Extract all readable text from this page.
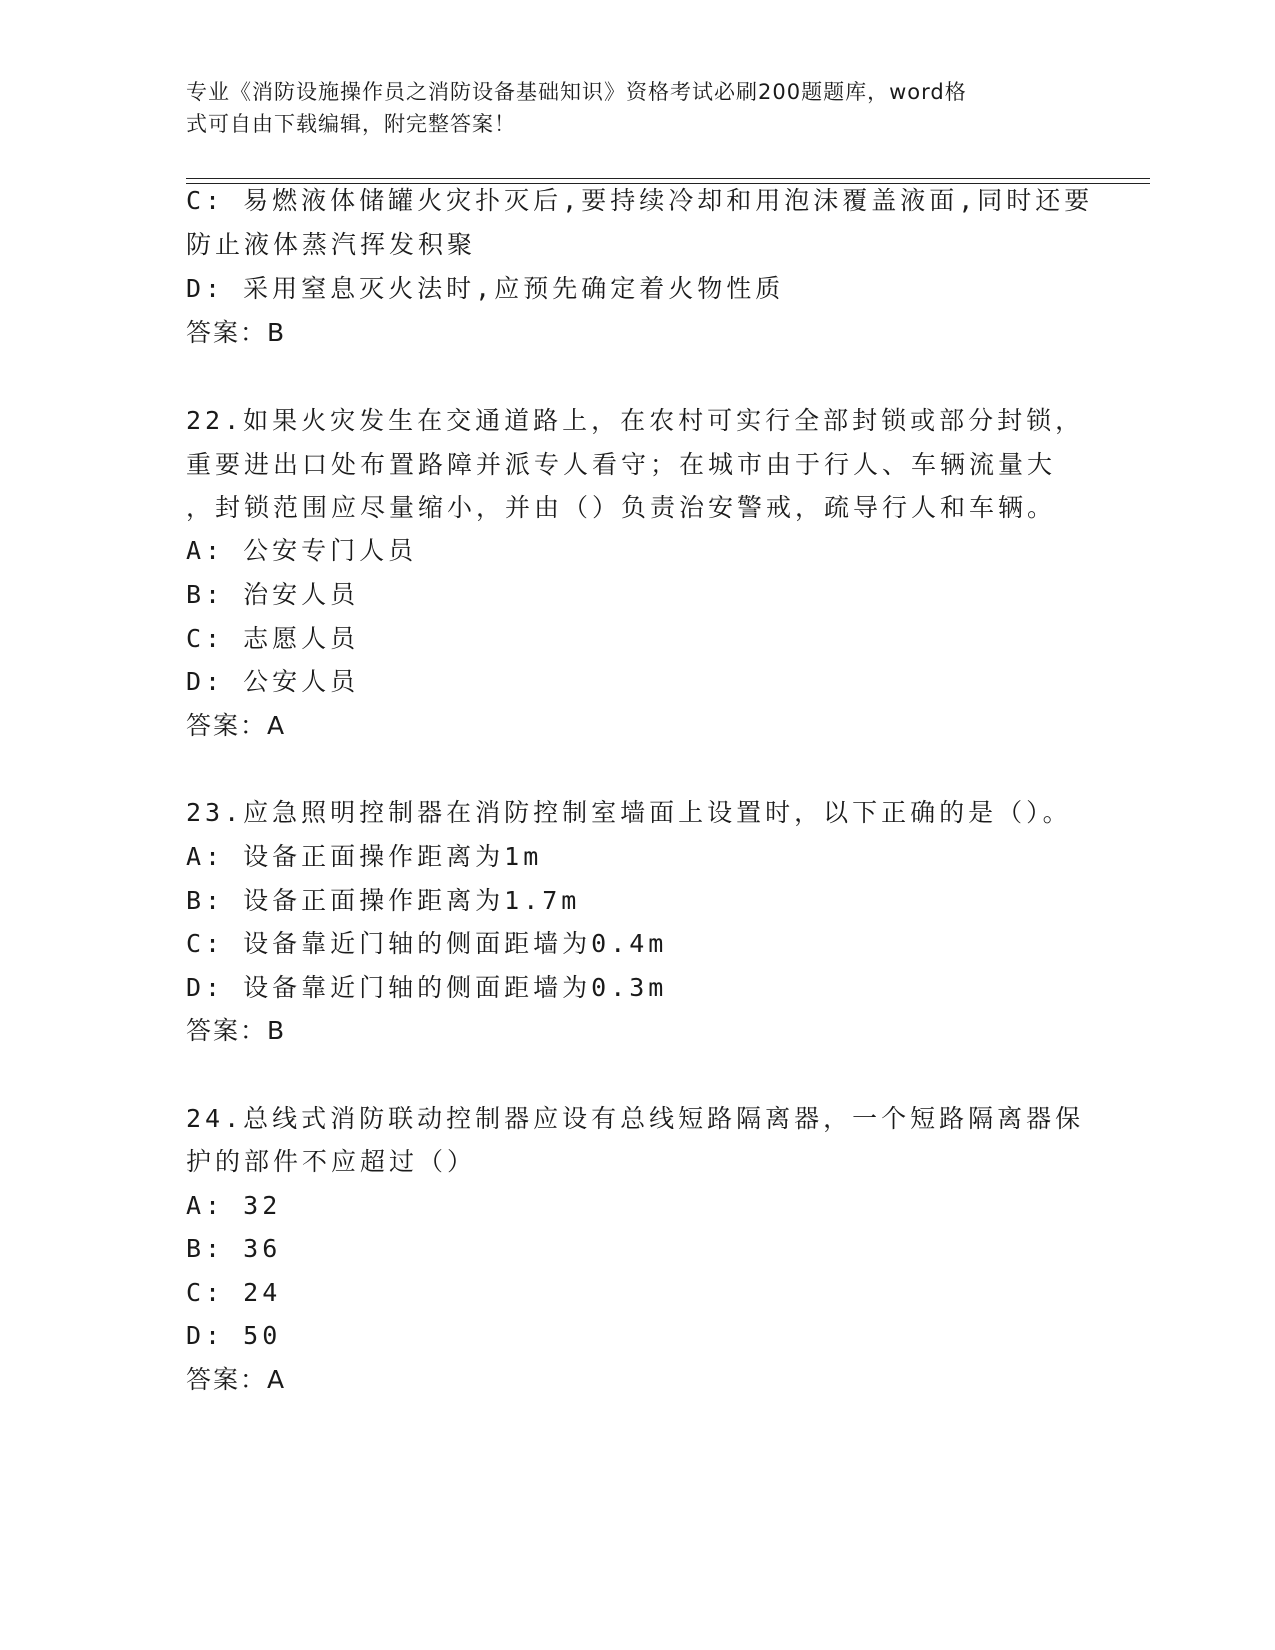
专业《消防设施操作员之消防设备基础知识》资格考试必刷200题题库，word格
式可自由下载编辑，附完整答案！
C: 易燃液体储罐火灾扑灭后,要持续冷却和用泡沫覆盖液面,同时还要
防止液体蒸汽挥发积聚
D: 采用窒息灭火法时,应预先确定着火物性质
答案：B
22.如果火灾发生在交通道路上，在农村可实行全部封锁或部分封锁，
重要进出口处布置路障并派专人看守；在城市由于行人、车辆流量大
，封锁范围应尽量缩小，并由（）负责治安警戒，疏导行人和车辆。
A: 公安专门人员
B: 治安人员
C: 志愿人员
D: 公安人员
答案：A
23.应急照明控制器在消防控制室墙面上设置时，以下正确的是（）。
A: 设备正面操作距离为1m
B: 设备正面操作距离为1.7m
C: 设备靠近门轴的侧面距墙为0.4m
D: 设备靠近门轴的侧面距墙为0.3m
答案：B
24.总线式消防联动控制器应设有总线短路隔离器，一个短路隔离器保
护的部件不应超过（）
A: 32
B: 36
C: 24
D: 50
答案：A
